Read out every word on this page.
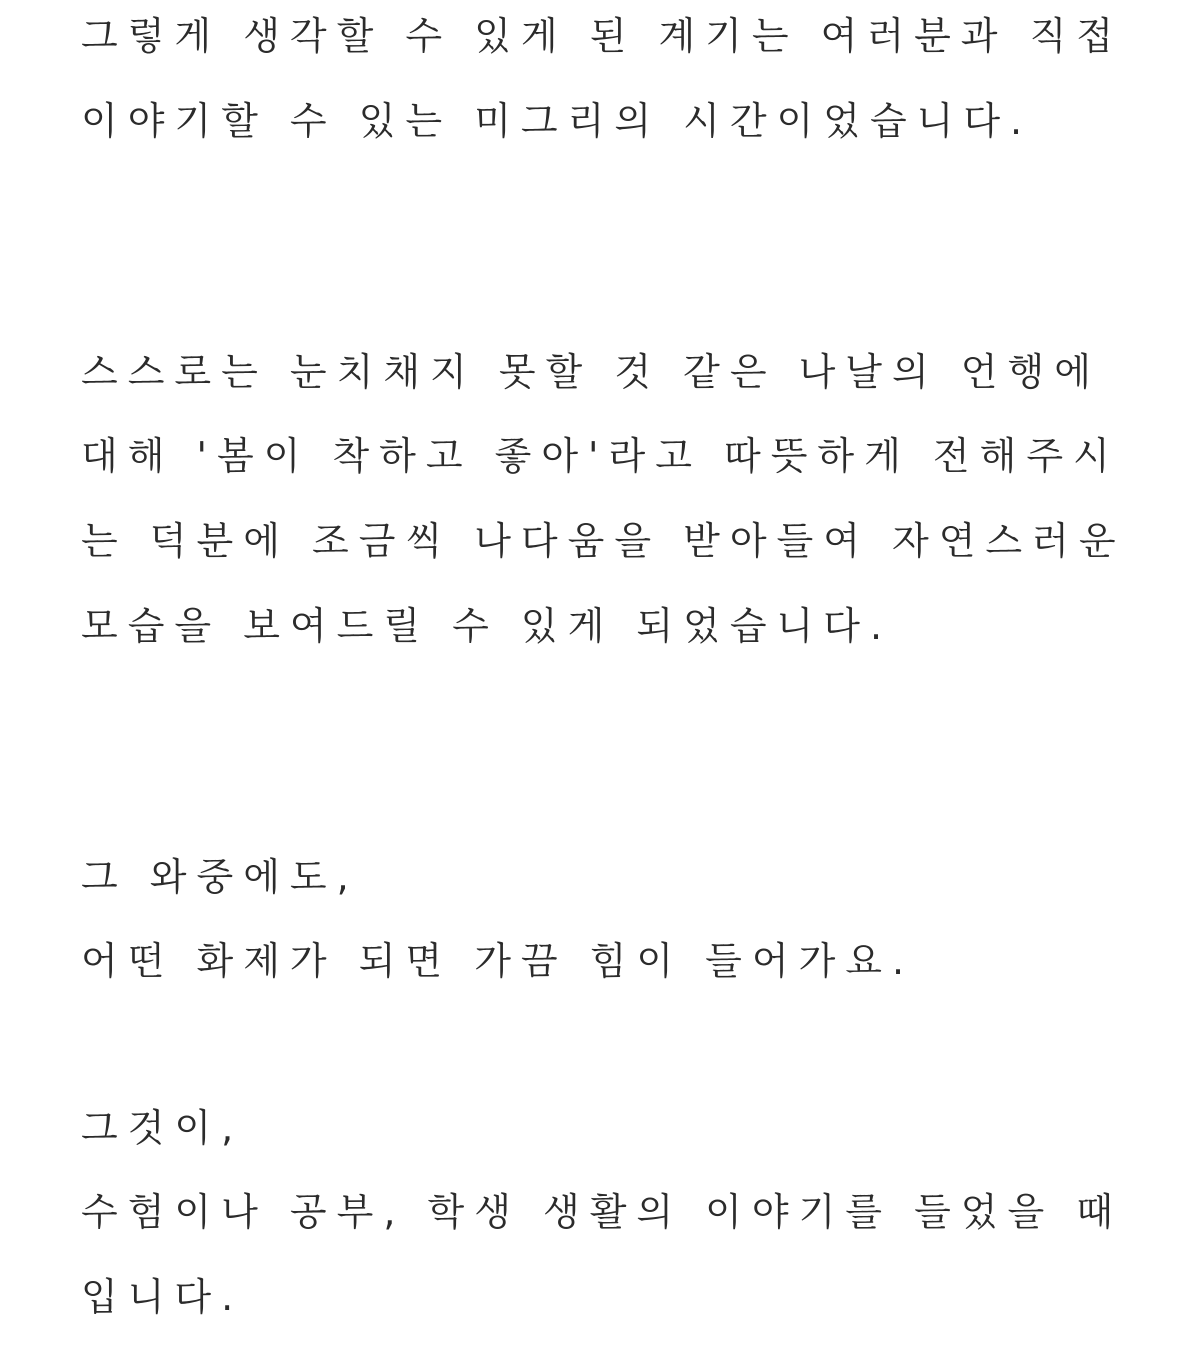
그렇게 생각할 수 있게 된 계기는 여러분과 직접
이야기할 수 있는 미그리의 시간이었습니다.
스스로는 눈치채지 못할 것 같은 나날의 언행에
대해 '봄이 착하고 좋아'라고 따뜻하게 전해주시
는 덕분에 조금씩 나다움을 받아들여 자연스러운
모습을 보여드릴 수 있게 되었습니다.
그 와중에도,
어떤 화제가 되면 가끔 힘이 들어가요.
그것이,
수험이나 공부, 학생 생활의 이야기를 들었을 때
입니다.
